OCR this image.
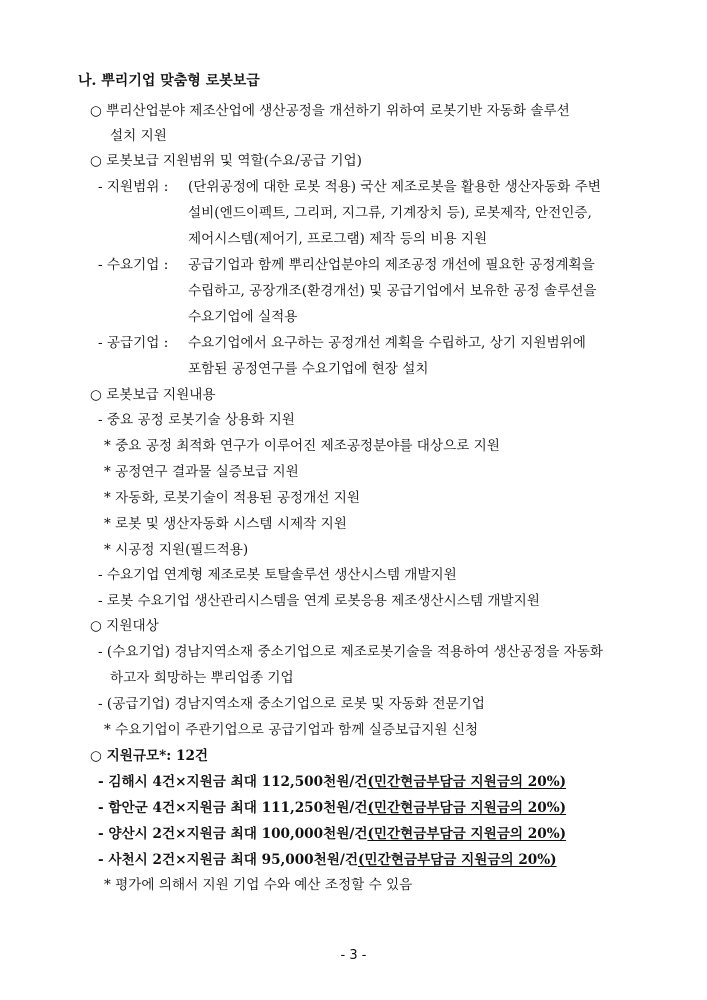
나. 뿌리기업 맞춤형 로봇보급
○ 뿌리산업분야 제조산업에 생산공정을 개선하기 위하여 로봇기반 자동화 솔루션
설치 지원
○ 로봇보급 지원범위 및 역할(수요/공급 기업)
- 지원범위 : (단위공정에 대한 로봇 적용) 국산 제조로봇을 활용한 생산자동화 주변
설비(엔드이펙트, 그리퍼, 지그류, 기계장치 등), 로봇제작, 안전인증,
제어시스템(제어기, 프로그램) 제작 등의 비용 지원
- 수요기업 : 공급기업과 함께 뿌리산업분야의 제조공정 개선에 필요한 공정계획을
수립하고, 공장개조(환경개선) 및 공급기업에서 보유한 공정 솔루션을
수요기업에 실적용
- 공급기업 : 수요기업에서 요구하는 공정개선 계획을 수립하고, 상기 지원범위에
포함된 공정연구를 수요기업에 현장 설치
○ 로봇보급 지원내용
- 중요 공정 로봇기술 상용화 지원
* 중요 공정 최적화 연구가 이루어진 제조공정분야를 대상으로 지원
* 공정연구 결과물 실증보급 지원
* 자동화, 로봇기술이 적용된 공정개선 지원
* 로봇 및 생산자동화 시스템 시제작 지원
* 시공정 지원(필드적용)
- 수요기업 연계형 제조로봇 토탈솔루션 생산시스템 개발지원
- 로봇 수요기업 생산관리시스템을 연계 로봇응용 제조생산시스템 개발지원
○ 지원대상
- (수요기업) 경남지역소재 중소기업으로 제조로봇기술을 적용하여 생산공정을 자동화
하고자 희망하는 뿌리업종 기업
- (공급기업) 경남지역소재 중소기업으로 로봇 및 자동화 전문기업
* 수요기업이 주관기업으로 공급기업과 함께 실증보급지원 신청
○ 지원규모*: 12건
- 김해시 4건×지원금 최대 112,500천원/건(민간현금부담금 지원금의 20%)
- 함안군 4건×지원금 최대 111,250천원/건(민간현금부담금 지원금의 20%)
- 양산시 2건×지원금 최대 100,000천원/건(민간현금부담금 지원금의 20%)
- 사천시 2건×지원금 최대 95,000천원/건(민간현금부담금 지원금의 20%)
* 평가에 의해서 지원 기업 수와 예산 조정할 수 있음
- 3 -
